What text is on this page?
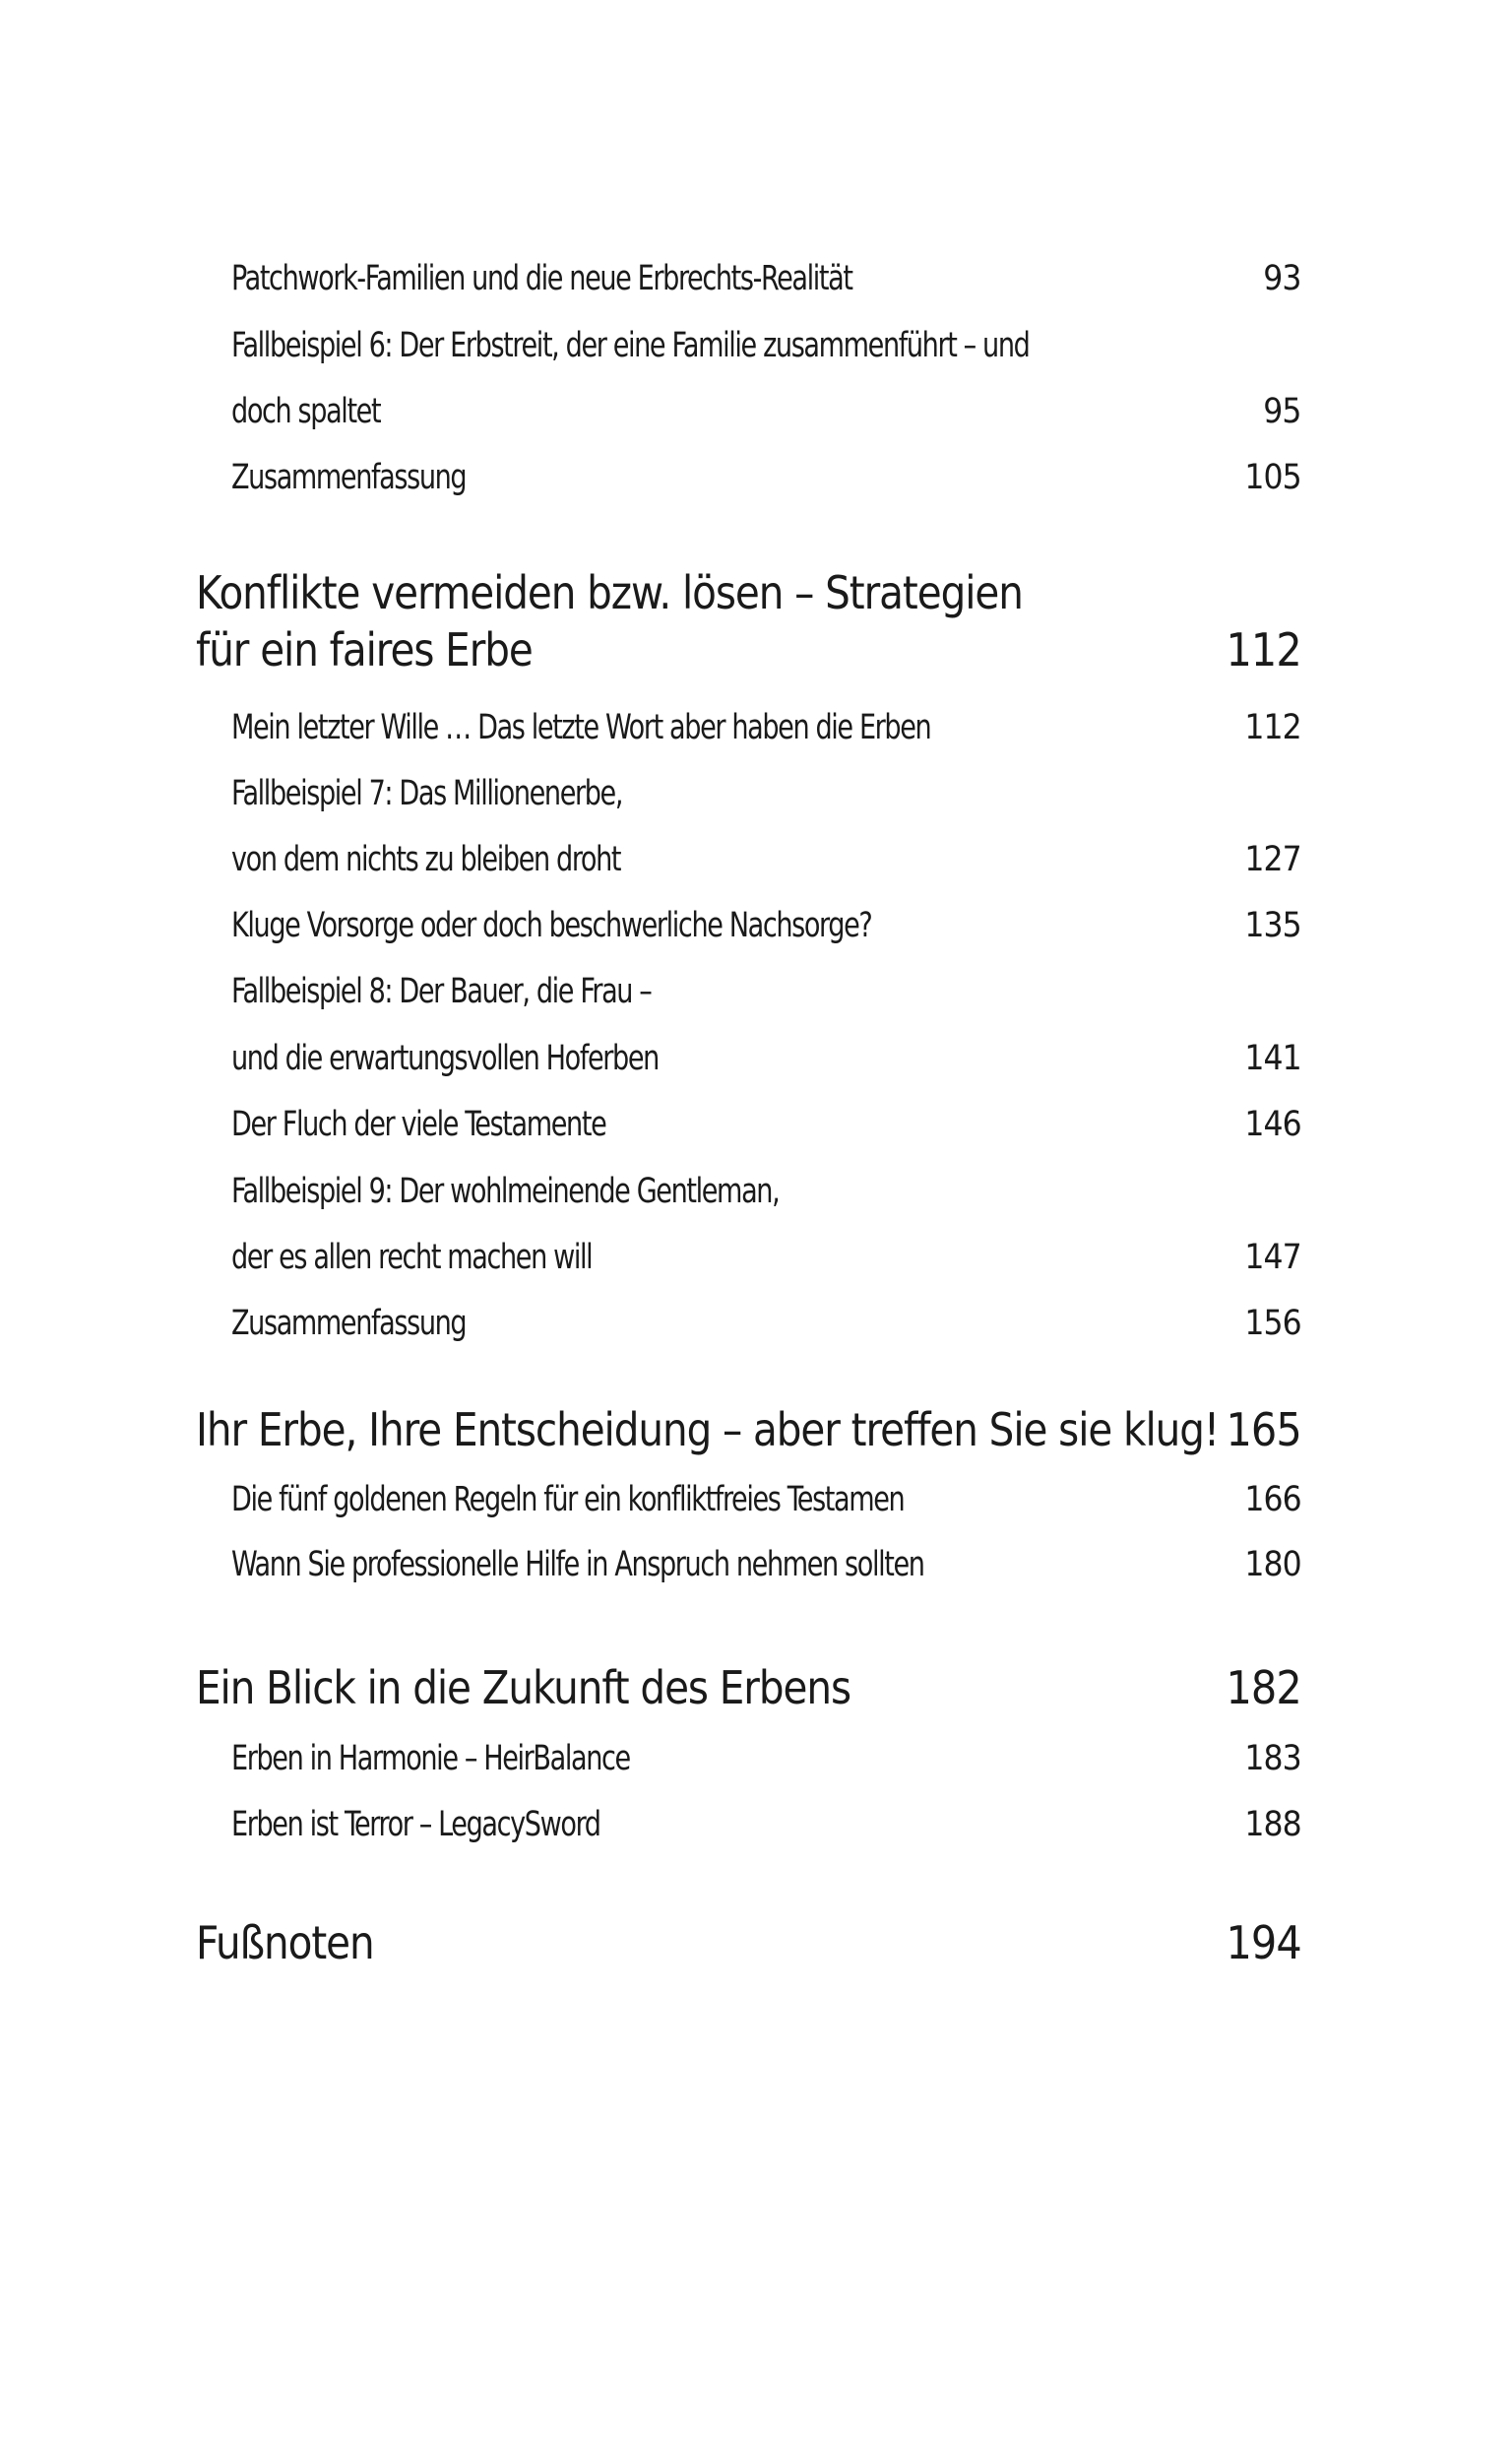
Patchwork-Familien und die neue Erbrechts-Realität	93
Fallbeispiel 6: Der Erbstreit, der eine Familie zusammenführt – und
doch spaltet	95
Zusammenfassung	105
Konflikte vermeiden bzw. lösen – Strategien
für ein faires Erbe	112
Mein letzter Wille … Das letzte Wort aber haben die Erben	112
Fallbeispiel 7: Das Millionenerbe,
von dem nichts zu bleiben droht	127
Kluge Vorsorge oder doch beschwerliche Nachsorge?	135
Fallbeispiel 8: Der Bauer, die Frau –
und die erwartungsvollen Hoferben	141
Der Fluch der viele Testamente	146
Fallbeispiel 9: Der wohlmeinende Gentleman,
der es allen recht machen will	147
Zusammenfassung	156
Ihr Erbe, Ihre Entscheidung – aber treffen Sie sie klug! 165
Die fünf goldenen Regeln für ein konfliktfreies Testamen	166
Wann Sie professionelle Hilfe in Anspruch nehmen sollten	180
Ein Blick in die Zukunft des Erbens	182
Erben in Harmonie – HeirBalance	183
Erben ist Terror – LegacySword	188
Fußnoten	194
